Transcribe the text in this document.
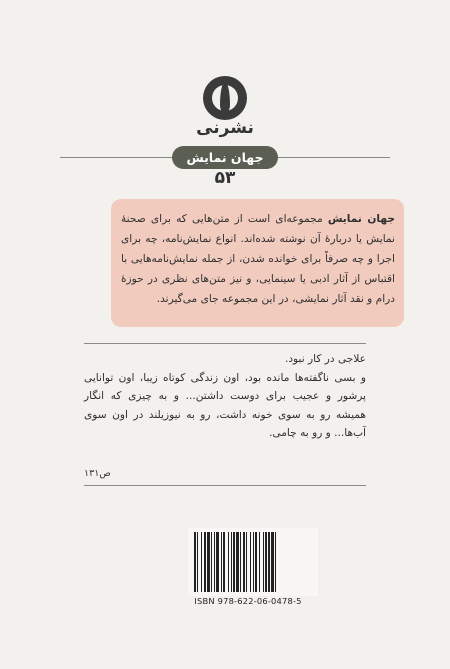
نشرنی
جهان نمایش
۵۳
جهان نمایش مجموعه‌ای است از متن‌هایی که برای صحنهٔ نمایش یا دربارهٔ آن نوشته شده‌اند. انواع نمایش‌نامه، چه برای اجرا و چه صرفاً برای خوانده شدن، از جمله نمایش‌نامه‌هایی با اقتباس از آثار ادبی یا سینمایی، و نیز متن‌های نظری در حوزهٔ درام و نقد آثار نمایشی، در این مجموعه جای می‌گیرند.
علاجی در کار نبود.
و بسی ناگفته‌ها مانده بود، اون زندگی کوتاه زیبا، اون توانایی پرشور و عجیب برای دوست داشتن... و به چیزی که انگار همیشه رو به سوی خونه داشت، رو به نیوزیلند در اون سوی آب‌ها... و رو به چامی.
ص۱۳۱
ISBN 978-622-06-0478-5
